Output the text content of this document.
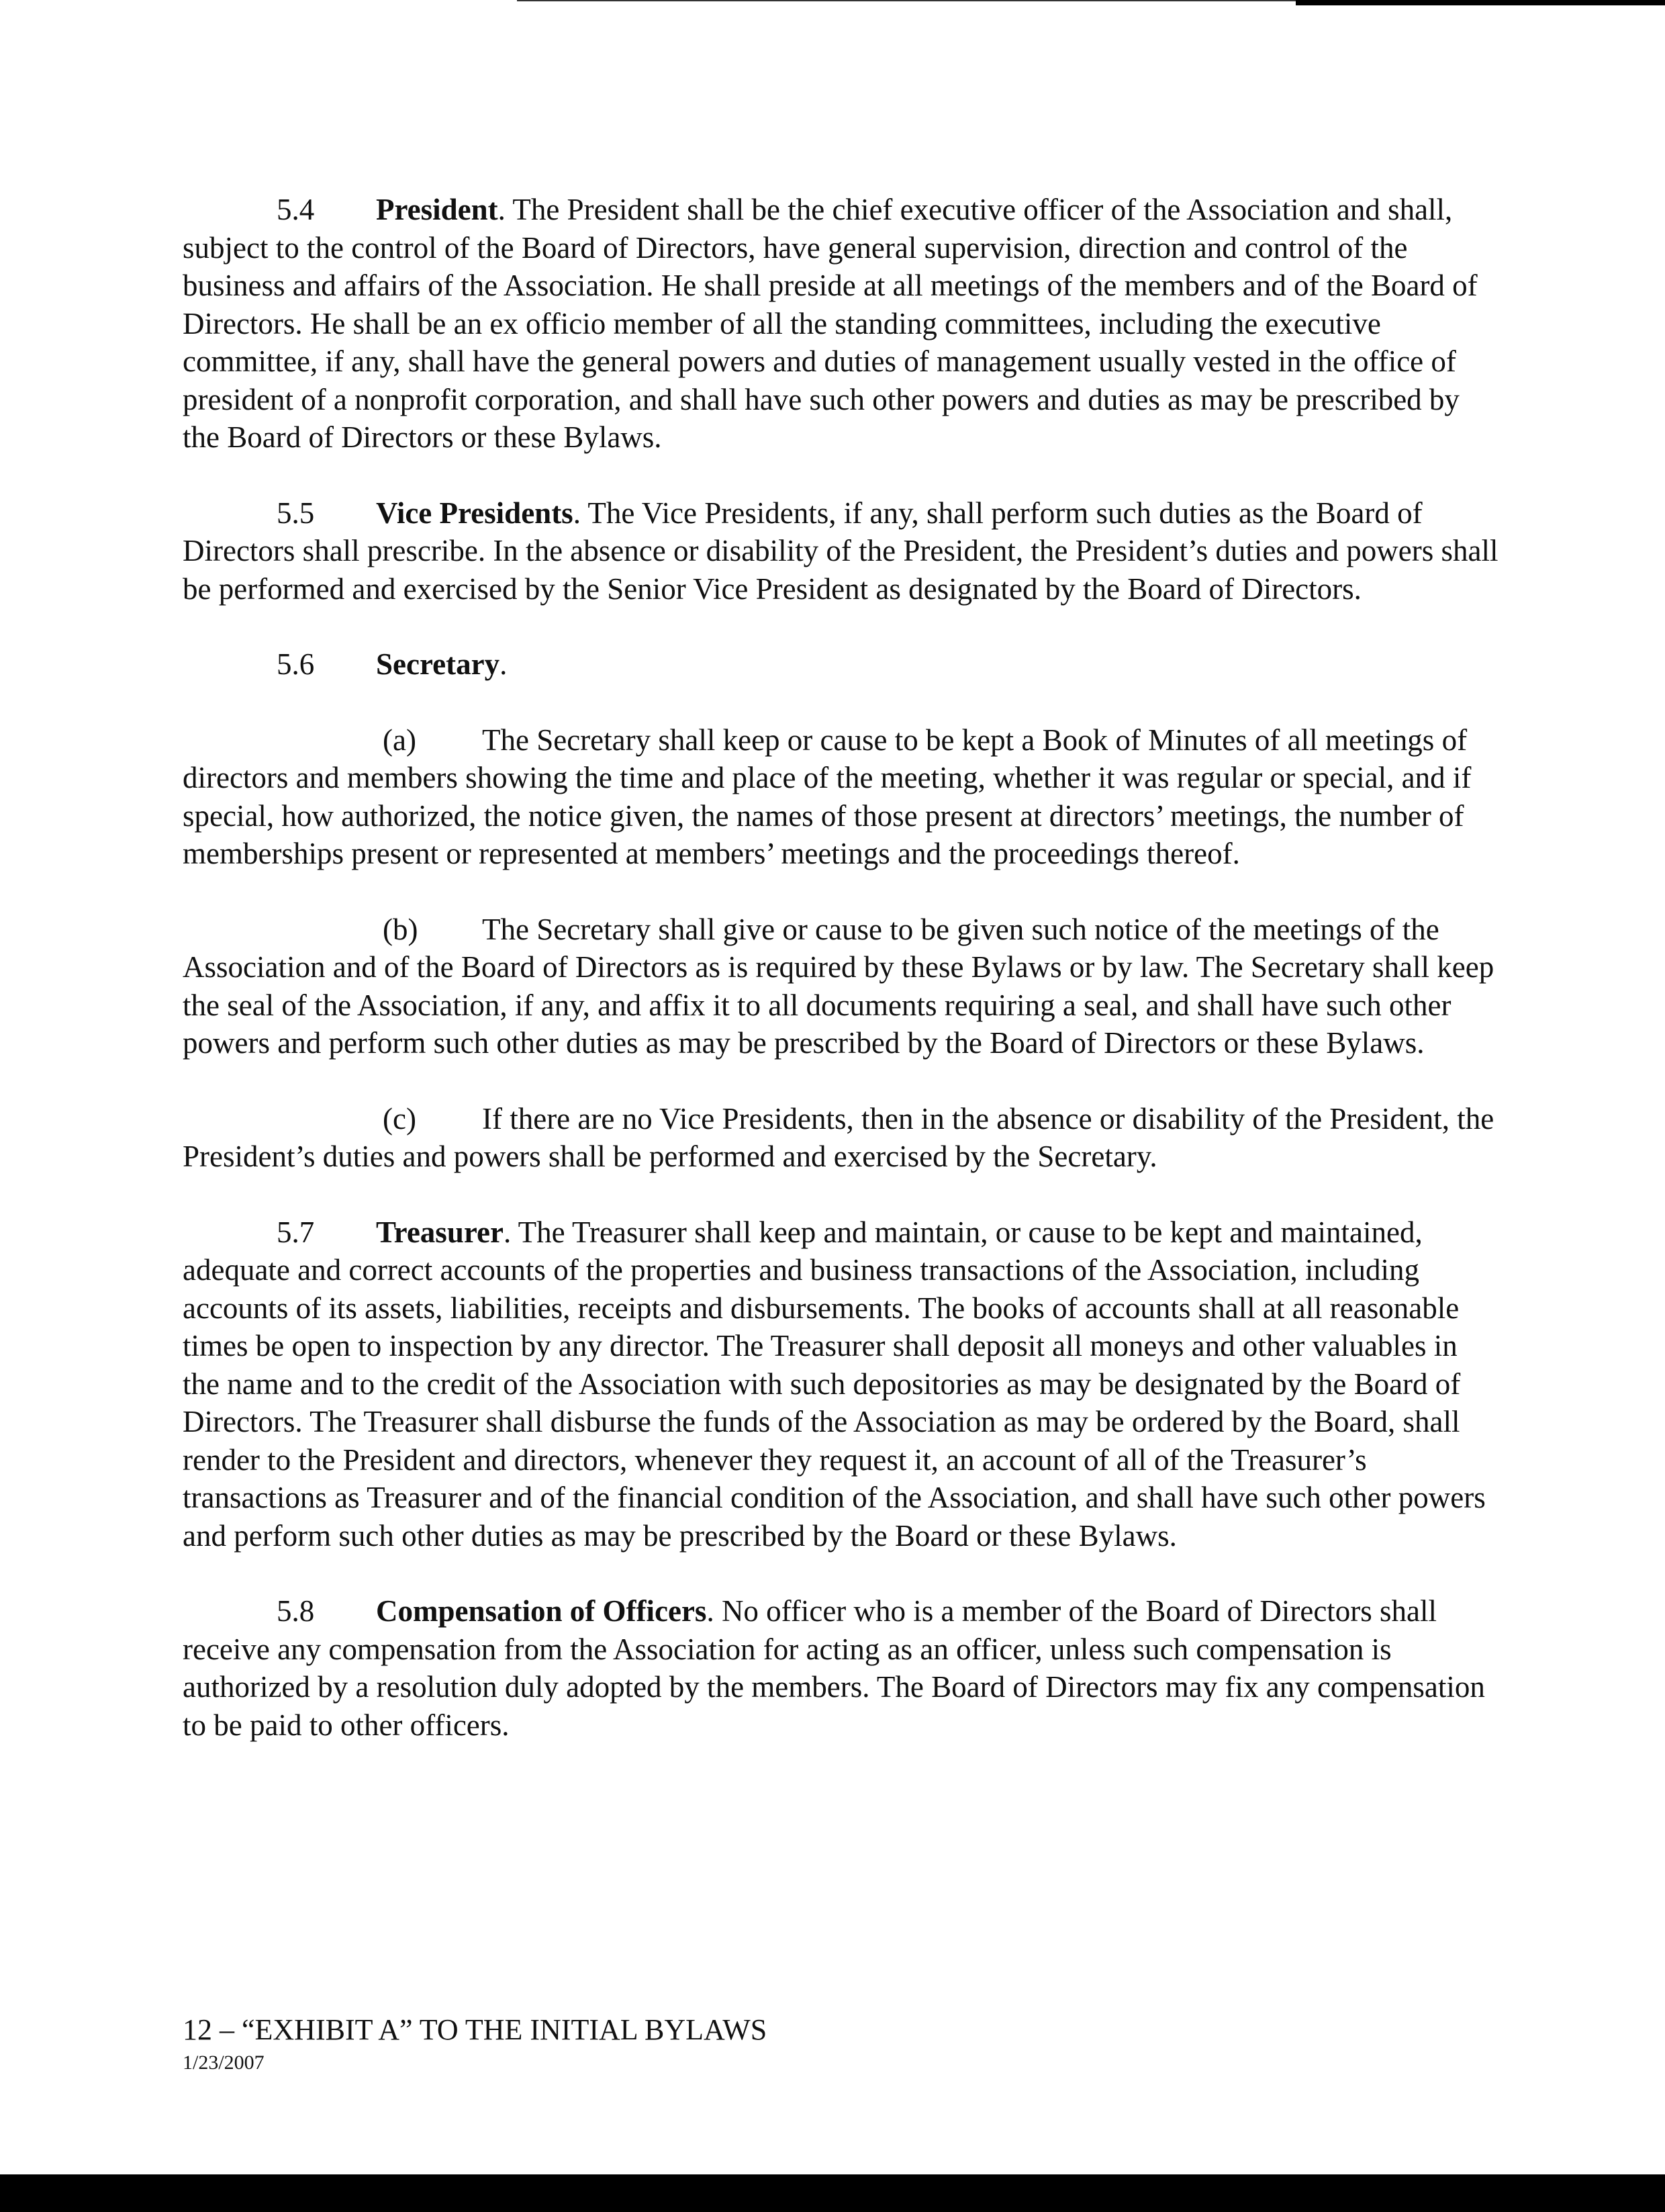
5.4 President. The President shall be the chief executive officer of the Association and shall, subject to the control of the Board of Directors, have general supervision, direction and control of the business and affairs of the Association. He shall preside at all meetings of the members and of the Board of Directors. He shall be an ex officio member of all the standing committees, including the executive committee, if any, shall have the general powers and duties of management usually vested in the office of president of a nonprofit corporation, and shall have such other powers and duties as may be prescribed by the Board of Directors or these Bylaws.

5.5 Vice Presidents. The Vice Presidents, if any, shall perform such duties as the Board of Directors shall prescribe. In the absence or disability of the President, the President’s duties and powers shall be performed and exercised by the Senior Vice President as designated by the Board of Directors.

5.6 Secretary.

(a) The Secretary shall keep or cause to be kept a Book of Minutes of all meetings of directors and members showing the time and place of the meeting, whether it was regular or special, and if special, how authorized, the notice given, the names of those present at directors’ meetings, the number of memberships present or represented at members’ meetings and the proceedings thereof.

(b) The Secretary shall give or cause to be given such notice of the meetings of the Association and of the Board of Directors as is required by these Bylaws or by law. The Secretary shall keep the seal of the Association, if any, and affix it to all documents requiring a seal, and shall have such other powers and perform such other duties as may be prescribed by the Board of Directors or these Bylaws.

(c) If there are no Vice Presidents, then in the absence or disability of the President, the President’s duties and powers shall be performed and exercised by the Secretary.

5.7 Treasurer. The Treasurer shall keep and maintain, or cause to be kept and maintained, adequate and correct accounts of the properties and business transactions of the Association, including accounts of its assets, liabilities, receipts and disbursements. The books of accounts shall at all reasonable times be open to inspection by any director. The Treasurer shall deposit all moneys and other valuables in the name and to the credit of the Association with such depositories as may be designated by the Board of Directors. The Treasurer shall disburse the funds of the Association as may be ordered by the Board, shall render to the President and directors, whenever they request it, an account of all of the Treasurer’s transactions as Treasurer and of the financial condition of the Association, and shall have such other powers and perform such other duties as may be prescribed by the Board or these Bylaws.

5.8 Compensation of Officers. No officer who is a member of the Board of Directors shall receive any compensation from the Association for acting as an officer, unless such compensation is authorized by a resolution duly adopted by the members. The Board of Directors may fix any compensation to be paid to other officers.

12 – “EXHIBIT A” TO THE INITIAL BYLAWS
1/23/2007
